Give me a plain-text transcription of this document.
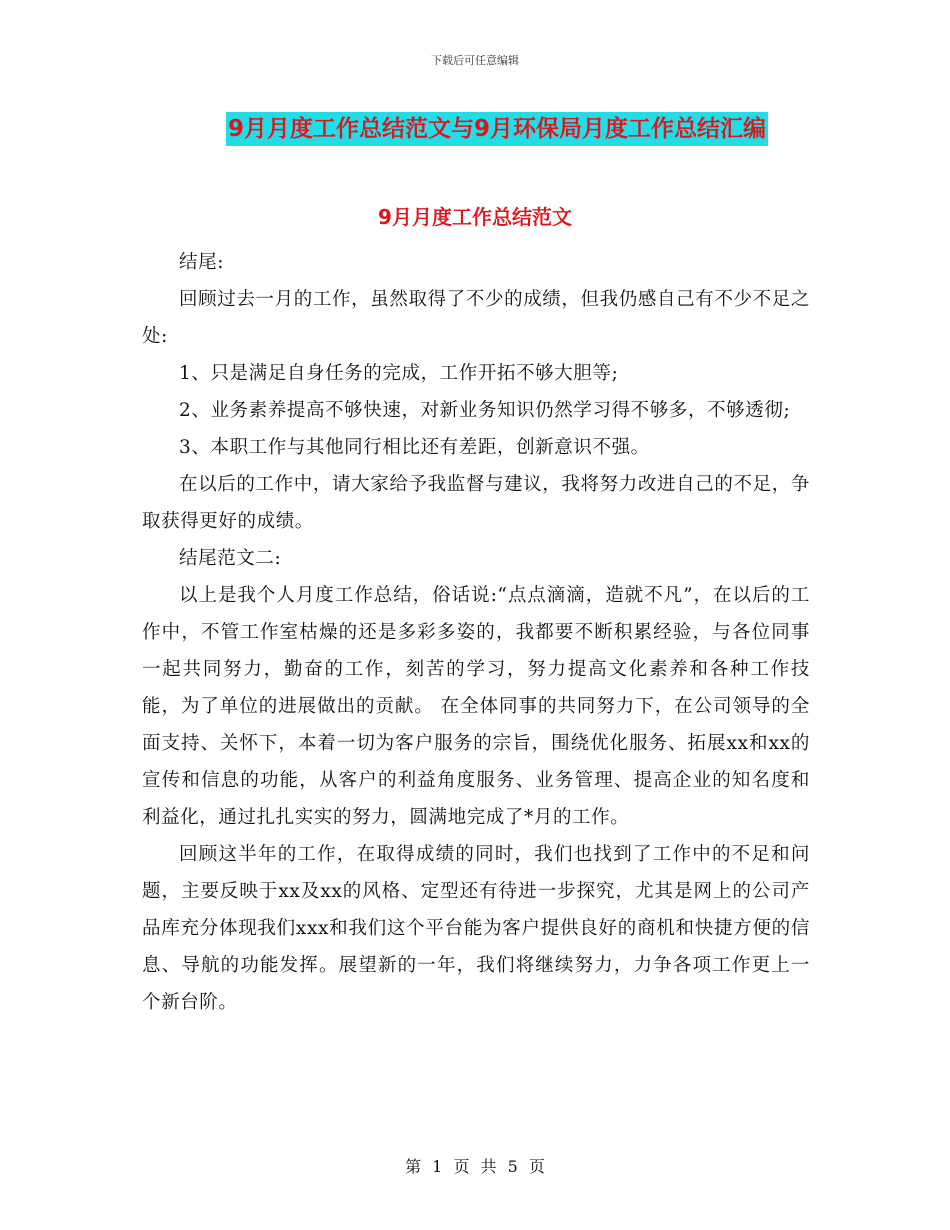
下载后可任意编辑
9月月度工作总结范文与9月环保局月度工作总结汇编
9月月度工作总结范文

结尾:

回顾过去一月的工作，虽然取得了不少的成绩，但我仍感自己有不少不足之处:

1、只是满足自身任务的完成，工作开拓不够大胆等;

2、业务素养提高不够快速，对新业务知识仍然学习得不够多，不够透彻;

3、本职工作与其他同行相比还有差距，创新意识不强。

在以后的工作中，请大家给予我监督与建议，我将努力改进自己的不足，争取获得更好的成绩。

结尾范文二:

以上是我个人月度工作总结，俗话说:“点点滴滴，造就不凡”，在以后的工作中，不管工作室枯燥的还是多彩多姿的，我都要不断积累经验，与各位同事一起共同努力，勤奋的工作，刻苦的学习，努力提高文化素养和各种工作技能，为了单位的进展做出的贡献。 在全体同事的共同努力下，在公司领导的全面支持、关怀下，本着一切为客户服务的宗旨，围绕优化服务、拓展xx和xx的宣传和信息的功能，从客户的利益角度服务、业务管理、提高企业的知名度和利益化，通过扎扎实实的努力，圆满地完成了*月的工作。

回顾这半年的工作，在取得成绩的同时，我们也找到了工作中的不足和问题，主要反映于xx及xx的风格、定型还有待进一步探究，尤其是网上的公司产品库充分体现我们xxx和我们这个平台能为客户提供良好的商机和快捷方便的信息、导航的功能发挥。展望新的一年，我们将继续努力，力争各项工作更上一个新台阶。

第 1 页 共 5 页
